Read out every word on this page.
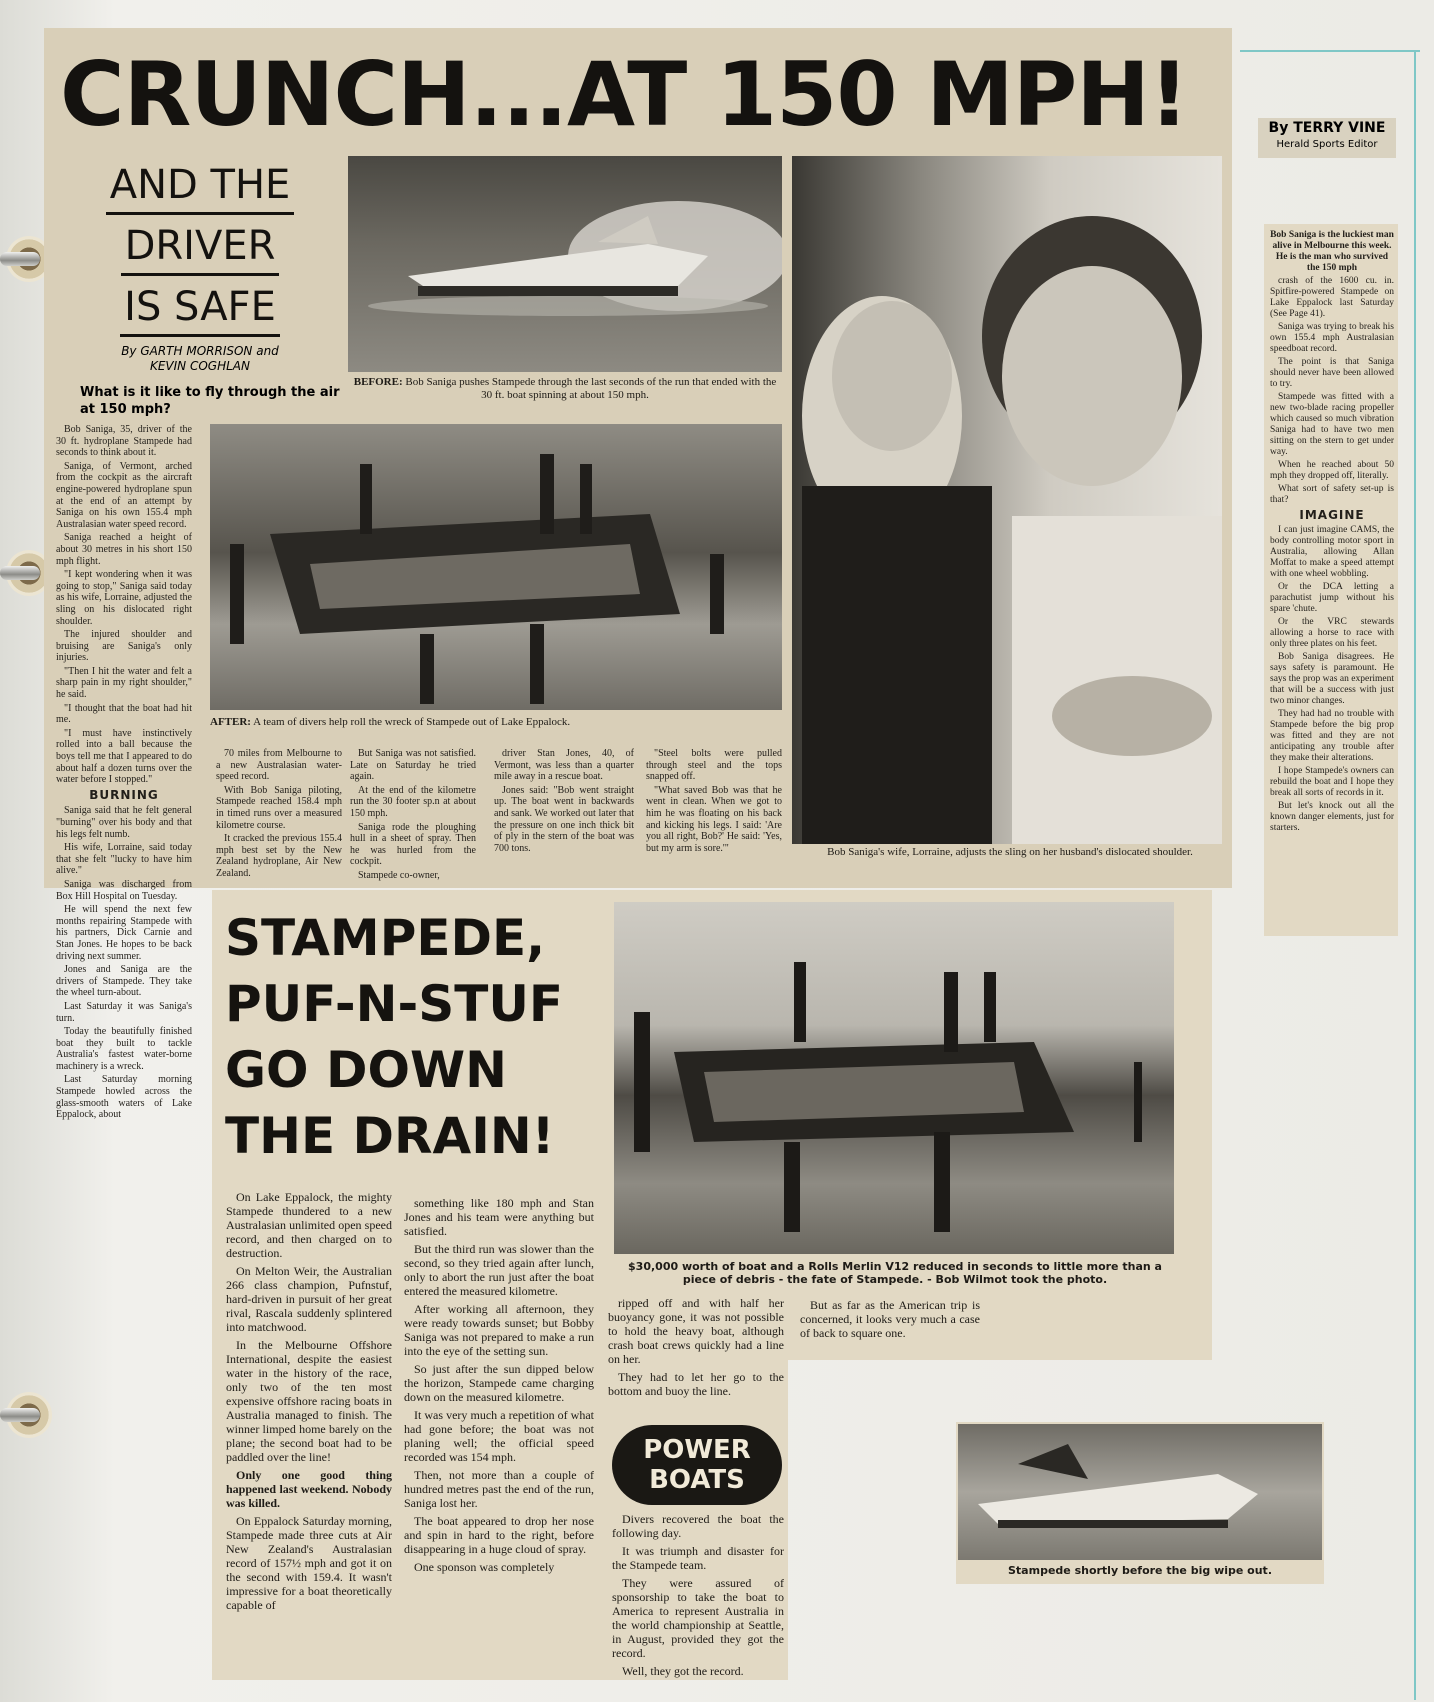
CRUNCH...AT 150 MPH!
AND THE
DRIVER
IS SAFE
By GARTH MORRISON and
KEVIN COGHLAN
What is it like to fly through the air at 150 mph?

Bob Saniga, 35, driver of the 30 ft. hydroplane Stampede had seconds to think about it.

Saniga, of Vermont, arched from the cockpit as the aircraft engine-powered hydroplane spun at the end of an attempt by Saniga on his own 155.4 mph Australasian water speed record.

Saniga reached a height of about 30 metres in his short 150 mph flight.

"I kept wondering when it was going to stop," Saniga said today as his wife, Lorraine, adjusted the sling on his dislocated right shoulder.

The injured shoulder and bruising are Saniga's only injuries.

"Then I hit the water and felt a sharp pain in my right shoulder," he said.

"I thought that the boat had hit me.

"I must have instinctively rolled into a ball because the boys tell me that I appeared to do about half a dozen turns over the water before I stopped."

BURNING

Saniga said that he felt general "burning" over his body and that his legs felt numb.

His wife, Lorraine, said today that she felt "lucky to have him alive."

Saniga was discharged from Box Hill Hospital on Tuesday.

He will spend the next few months repairing Stampede with his partners, Dick Carnie and Stan Jones. He hopes to be back driving next summer.

Jones and Saniga are the drivers of Stampede. They take the wheel turn-about.

Last Saturday it was Saniga's turn.

Today the beautifully finished boat they built to tackle Australia's fastest water-borne machinery is a wreck.

Last Saturday morning Stampede howled across the glass-smooth waters of Lake Eppalock, about

BEFORE: Bob Saniga pushes Stampede through the last seconds of the run that ended with the 30 ft. boat spinning at about 150 mph.
AFTER: A team of divers help roll the wreck of Stampede out of Lake Eppalock.

70 miles from Melbourne to a new Australasian water-speed record.

With Bob Saniga piloting, Stampede reached 158.4 mph in timed runs over a measured kilometre course.

It cracked the previous 155.4 mph best set by the New Zealand hydroplane, Air New Zealand.

But Saniga was not satisfied. Late on Saturday he tried again.

At the end of the kilometre run the 30 footer sp.n at about 150 mph.

Saniga rode the ploughing hull in a sheet of spray. Then he was hurled from the cockpit.

Stampede co-owner,

driver Stan Jones, 40, of Vermont, was less than a quarter mile away in a rescue boat.

Jones said: "Bob went straight up. The boat went in backwards and sank. We worked out later that the pressure on one inch thick bit of ply in the stern of the boat was 700 tons.

"Steel bolts were pulled through steel and the tops snapped off.

"What saved Bob was that he went in clean. When we got to him he was floating on his back and kicking his legs. I said: 'Are you all right, Bob?' He said: 'Yes, but my arm is sore.'"	Bob Saniga's wife, Lorraine, adjusts the sling on her husband's dislocated shoulder.
By TERRY VINE
Herald Sports Editor

Bob Saniga is the luckiest man alive in Melbourne this week. He is the man who survived the 150 mph

crash of the 1600 cu. in. Spitfire-powered Stampede on Lake Eppalock last Saturday (See Page 41).

Saniga was trying to break his own 155.4 mph Australasian speedboat record.

The point is that Saniga should never have been allowed to try.

Stampede was fitted with a new two-blade racing propeller which caused so much vibration Saniga had to have two men sitting on the stern to get under way.

When he reached about 50 mph they dropped off, literally.

What sort of safety set-up is that?

IMAGINE

I can just imagine CAMS, the body controlling motor sport in Australia, allowing Allan Moffat to make a speed attempt with one wheel wobbling.

Or the DCA letting a parachutist jump without his spare 'chute.

Or the VRC stewards allowing a horse to race with only three plates on his feet.

Bob Saniga disagrees. He says safety is paramount. He says the prop was an experiment that will be a success with just two minor changes.

They had had no trouble with Stampede before the big prop was fitted and they are not anticipating any trouble after they make their alterations.

I hope Stampede's owners can rebuild the boat and I hope they break all sorts of records in it.

But let's knock out all the known danger elements, just for starters.

STAMPEDE,
PUF-N-STUF
GO DOWN
THE DRAIN!

On Lake Eppalock, the mighty Stampede thundered to a new Australasian unlimited open speed record, and then charged on to destruction.

On Melton Weir, the Australian 266 class champion, Pufnstuf, hard-driven in pursuit of her great rival, Rascala suddenly splintered into matchwood.

In the Melbourne Offshore International, despite the easiest water in the history of the race, only two of the ten most expensive offshore racing boats in Australia managed to finish. The winner limped home barely on the plane; the second boat had to be paddled over the line!

Only one good thing happened last weekend. Nobody was killed.

On Eppalock Saturday morning, Stampede made three cuts at Air New Zealand's Australasian record of 157½ mph and got it on the second with 159.4. It wasn't impressive for a boat theoretically capable of

something like 180 mph and Stan Jones and his team were anything but satisfied.

But the third run was slower than the second, so they tried again after lunch, only to abort the run just after the boat entered the measured kilometre.

After working all afternoon, they were ready towards sunset; but Bobby Saniga was not prepared to make a run into the eye of the setting sun.

So just after the sun dipped below the horizon, Stampede came charging down on the measured kilometre.

It was very much a repetition of what had gone before; the boat was not planing well; the official speed recorded was 154 mph.

Then, not more than a couple of hundred metres past the end of the run, Saniga lost her.

The boat appeared to drop her nose and spin in hard to the right, before disappearing in a huge cloud of spray.

One sponson was completely

ripped off and with half her buoyancy gone, it was not possible to hold the heavy boat, although crash boat crews quickly had a line on her.

They had to let her go to the bottom and buoy the line.

But as far as the American trip is concerned, it looks very much a case of back to square one.

POWER
BOATS

Divers recovered the boat the following day.

It was triumph and disaster for the Stampede team.

They were assured of sponsorship to take the boat to America to represent Australia in the world championship at Seattle, in August, provided they got the record.

Well, they got the record.

$30,000 worth of boat and a Rolls Merlin V12 reduced in seconds to little more than a piece of debris - the fate of Stampede. - Bob Wilmot took the photo.
Stampede shortly before the big wipe out.
